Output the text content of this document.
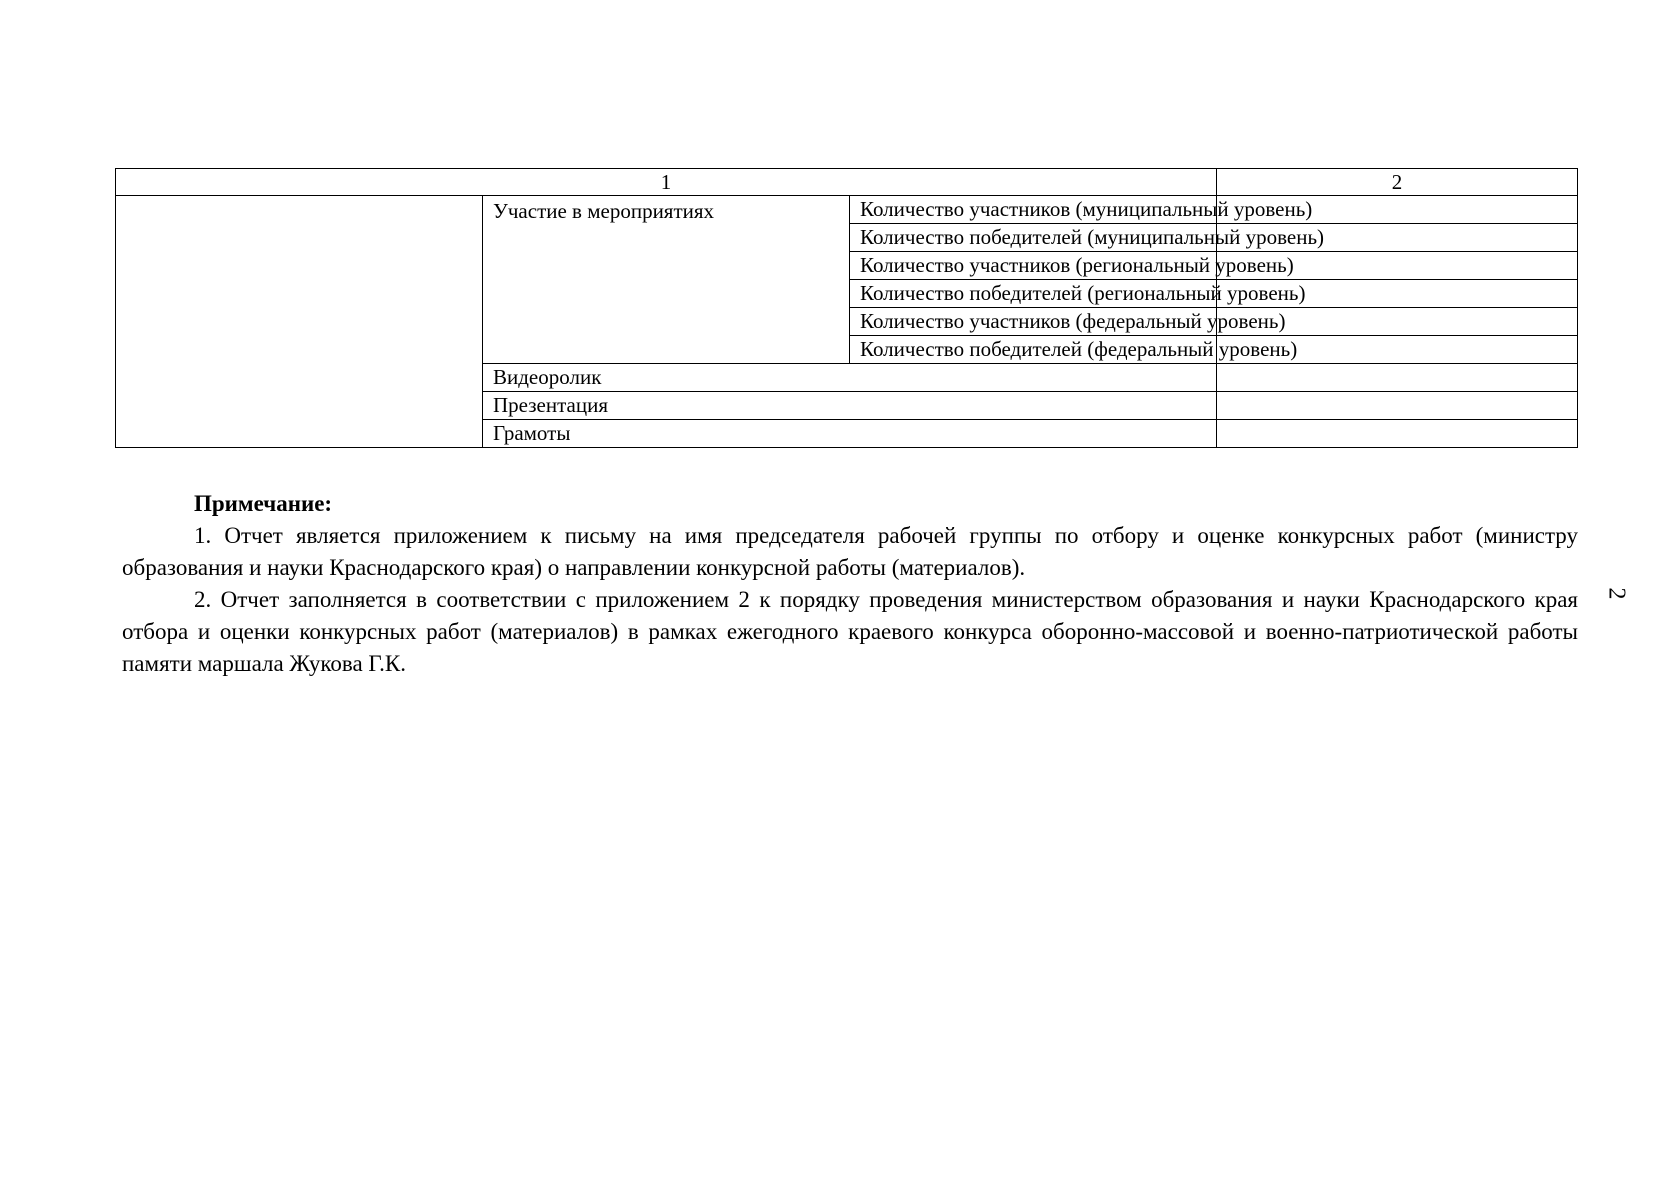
1			2
	Участие в мероприятиях	Количество участников (муниципальный уровень)	
		Количество победителей (муниципальный уровень)	
		Количество участников (региональный уровень)	
		Количество победителей (региональный уровень)	
		Количество участников (федеральный уровень)	
		Количество победителей (федеральный уровень)	
	Видеоролик		
	Презентация		
	Грамоты		

Примечание:

1. Отчет является приложением к письму на имя председателя рабочей группы по отбору и оценке конкурсных работ (министру образования и науки Краснодарского края) о направлении конкурсной работы (материалов).

2. Отчет заполняется в соответствии с приложением 2 к порядку проведения министерством образования и науки Краснодарского края отбора и оценки конкурсных работ (материалов) в рамках ежегодного краевого конкурса оборонно-массовой и военно-патриотической работы памяти маршала Жукова Г.К.

2
